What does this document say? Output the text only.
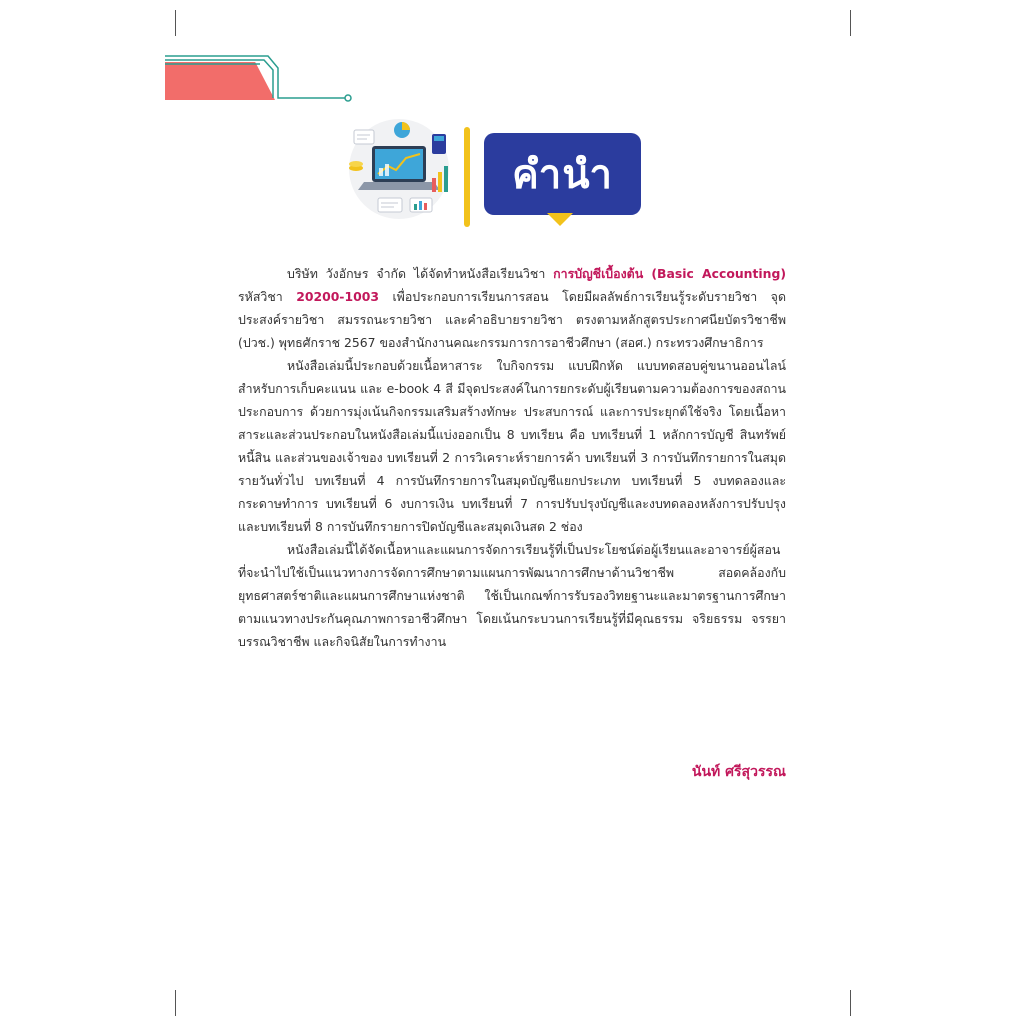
คำนำ

บริษัท วังอักษร จำกัด ได้จัดทำหนังสือเรียนวิชา การบัญชีเบื้องต้น (Basic Accounting) รหัสวิชา 20200-1003 เพื่อประกอบการเรียนการสอน โดยมีผลลัพธ์การเรียนรู้ระดับรายวิชา จุดประสงค์รายวิชา สมรรถนะรายวิชา และคำอธิบายรายวิชา ตรงตามหลักสูตรประกาศนียบัตรวิชาชีพ (ปวช.) พุทธศักราช 2567 ของสำนักงานคณะกรรมการการอาชีวศึกษา (สอศ.) กระทรวงศึกษาธิการ

หนังสือเล่มนี้ประกอบด้วยเนื้อหาสาระ ใบกิจกรรม แบบฝึกหัด แบบทดสอบคู่ขนานออนไลน์สำหรับการเก็บคะแนน และ e-book 4 สี มีจุดประสงค์ในการยกระดับผู้เรียนตามความต้องการของสถานประกอบการ ด้วยการมุ่งเน้นกิจกรรมเสริมสร้างทักษะ ประสบการณ์ และการประยุกต์ใช้จริง โดยเนื้อหาสาระและส่วนประกอบในหนังสือเล่มนี้แบ่งออกเป็น 8 บทเรียน คือ บทเรียนที่ 1 หลักการบัญชี สินทรัพย์ หนี้สิน และส่วนของเจ้าของ บทเรียนที่ 2 การวิเคราะห์รายการค้า บทเรียนที่ 3 การบันทึกรายการในสมุดรายวันทั่วไป บทเรียนที่ 4 การบันทึกรายการในสมุดบัญชีแยกประเภท บทเรียนที่ 5 งบทดลองและกระดาษทำการ บทเรียนที่ 6 งบการเงิน บทเรียนที่ 7 การปรับปรุงบัญชีและงบทดลองหลังการปรับปรุง และบทเรียนที่ 8 การบันทึกรายการปิดบัญชีและสมุดเงินสด 2 ช่อง

หนังสือเล่มนี้ได้จัดเนื้อหาและแผนการจัดการเรียนรู้ที่เป็นประโยชน์ต่อผู้เรียนและอาจารย์ผู้สอนที่จะนำไปใช้เป็นแนวทางการจัดการศึกษาตามแผนการพัฒนาการศึกษาด้านวิชาชีพ สอดคล้องกับยุทธศาสตร์ชาติและแผนการศึกษาแห่งชาติ ใช้เป็นเกณฑ์การรับรองวิทยฐานะและมาตรฐานการศึกษาตามแนวทางประกันคุณภาพการอาชีวศึกษา โดยเน้นกระบวนการเรียนรู้ที่มีคุณธรรม จริยธรรม จรรยาบรรณวิชาชีพ และกิจนิสัยในการทำงาน

นันท์ ศรีสุวรรณ
